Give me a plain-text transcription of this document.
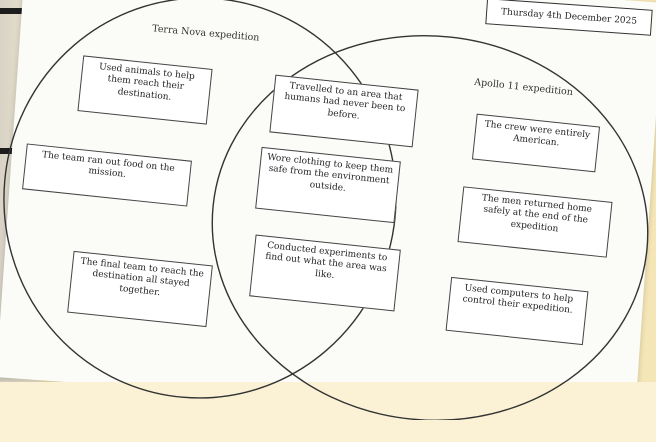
Thursday 4th December 2025
Terra Nova expedition
Apollo 11 expedition
Used animals to help them reach their destination.
The team ran out food on the mission.
The final team to reach the destination all stayed together.
Travelled to an area that humans had never been to before.
Wore clothing to keep them safe from the environment outside.
Conducted experiments to find out what the area was like.
The crew were entirely American.
The men returned home safely at the end of the expedition
Used computers to help control their expedition.
